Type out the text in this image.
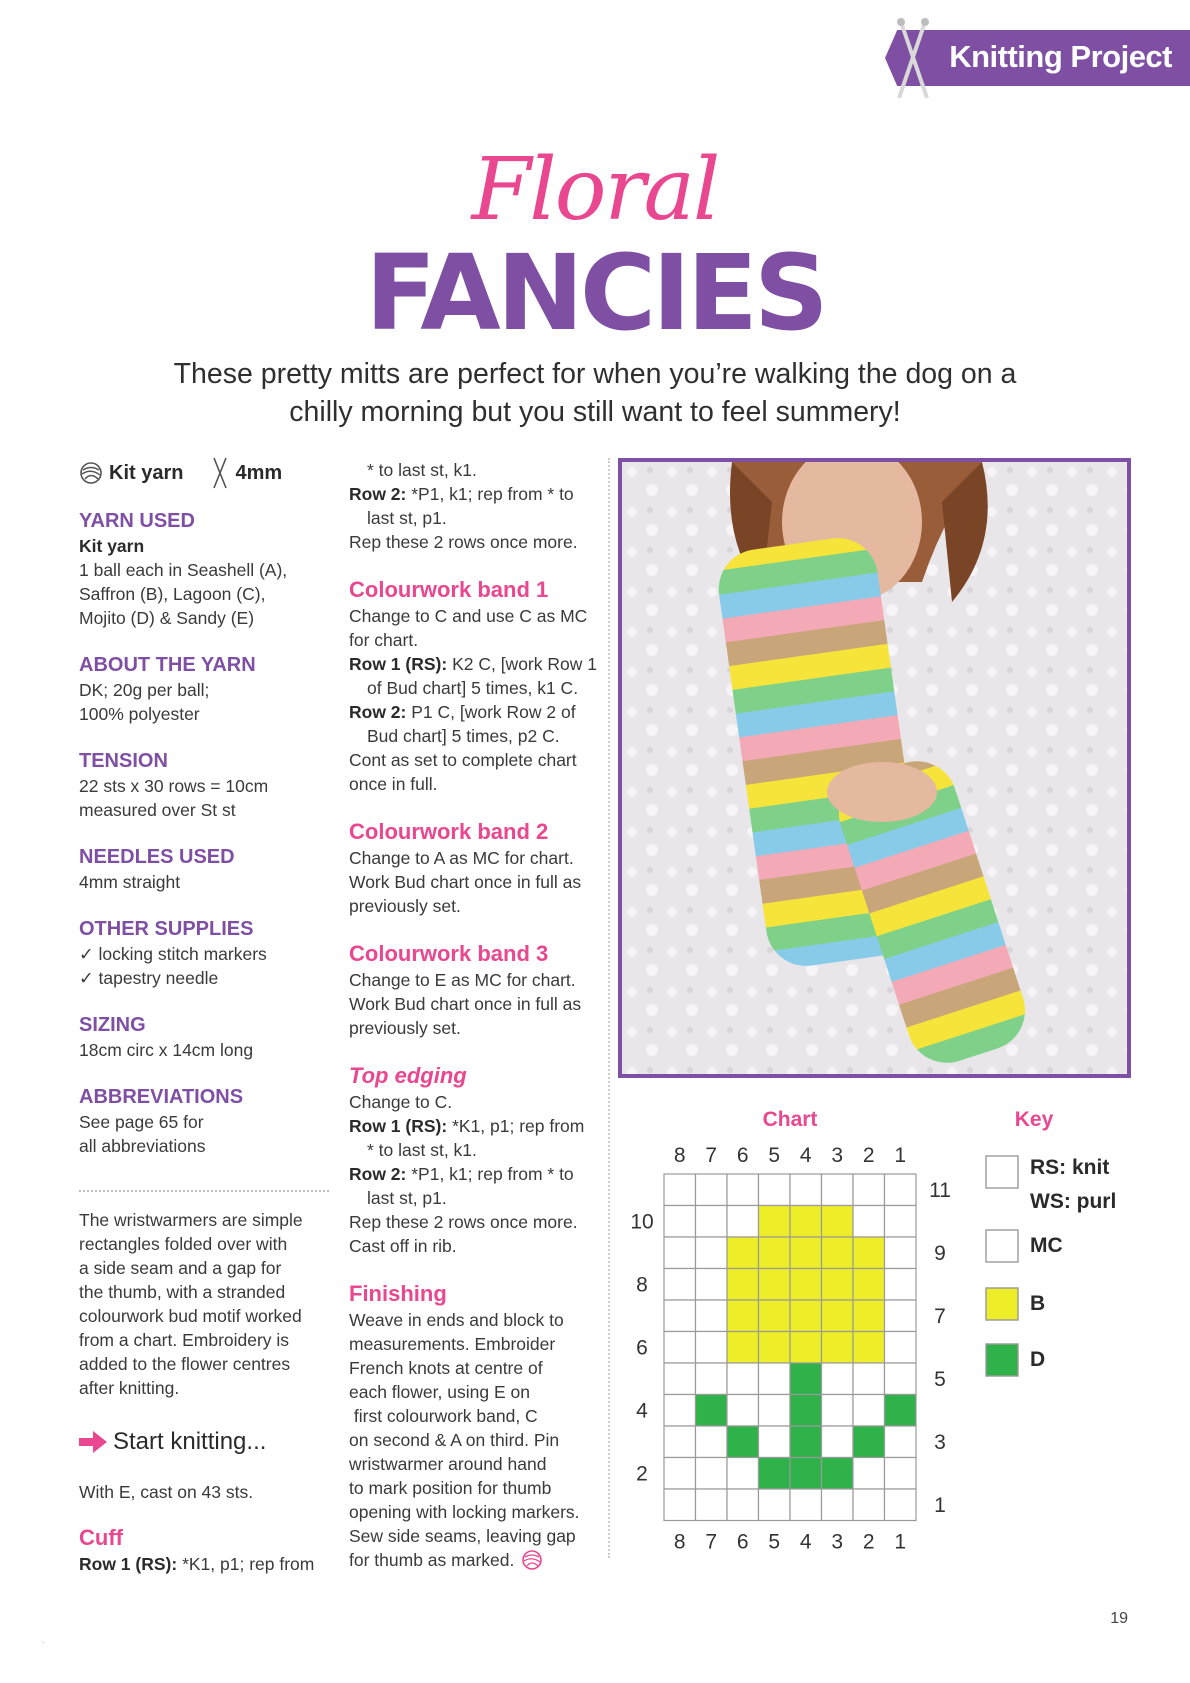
Knitting Project
Floral
FANCIES
These pretty mitts are perfect for when you’re walking the dog on a chilly morning but you still want to feel summery!
Kit yarn	4mm
YARN USED
Kit yarn
1 ball each in Seashell (A),
Saffron (B), Lagoon (C),
Mojito (D) & Sandy (E)
ABOUT THE YARN
DK; 20g per ball;
100% polyester
TENSION
22 sts x 30 rows = 10cm
measured over St st
NEEDLES USED
4mm straight
OTHER SUPPLIES
✓ locking stitch markers
✓ tapestry needle
SIZING
18cm circ x 14cm long
ABBREVIATIONS
See page 65 for
all abbreviations
The wristwarmers are simple
rectangles folded over with
a side seam and a gap for
the thumb, with a stranded
colourwork bud motif worked
from a chart. Embroidery is
added to the flower centres
after knitting.
Start knitting...
With E, cast on 43 sts.
Cuff
Row 1 (RS): *K1, p1; rep from
* to last st, k1.
Row 2: *P1, k1; rep from * to
last st, p1.
Rep these 2 rows once more.
Colourwork band 1
Change to C and use C as MC
for chart.
Row 1 (RS): K2 C, [work Row 1
of Bud chart] 5 times, k1 C.
Row 2: P1 C, [work Row 2 of
Bud chart] 5 times, p2 C.
Cont as set to complete chart
once in full.
Colourwork band 2
Change to A as MC for chart.
Work Bud chart once in full as
previously set.
Colourwork band 3
Change to E as MC for chart.
Work Bud chart once in full as
previously set.
Top edging
Change to C.
Row 1 (RS): *K1, p1; rep from
* to last st, k1.
Row 2: *P1, k1; rep from * to
last st, p1.
Rep these 2 rows once more.
Cast off in rib.
Finishing
Weave in ends and block to
measurements. Embroider
French knots at centre of
each flower, using E on
first colourwork band, C
on second & A on third. Pin
wristwarmer around hand
to mark position for thumb
opening with locking markers.
Sew side seams, leaving gap
for thumb as marked.
Chart
8 7 6 5 4 3 2 1
8 7 6 5 4 3 2 1
11
9
7
5
3
1
10
8
6
4
2
Key
RS: knit
WS: purl
MC
B
D
19
.
